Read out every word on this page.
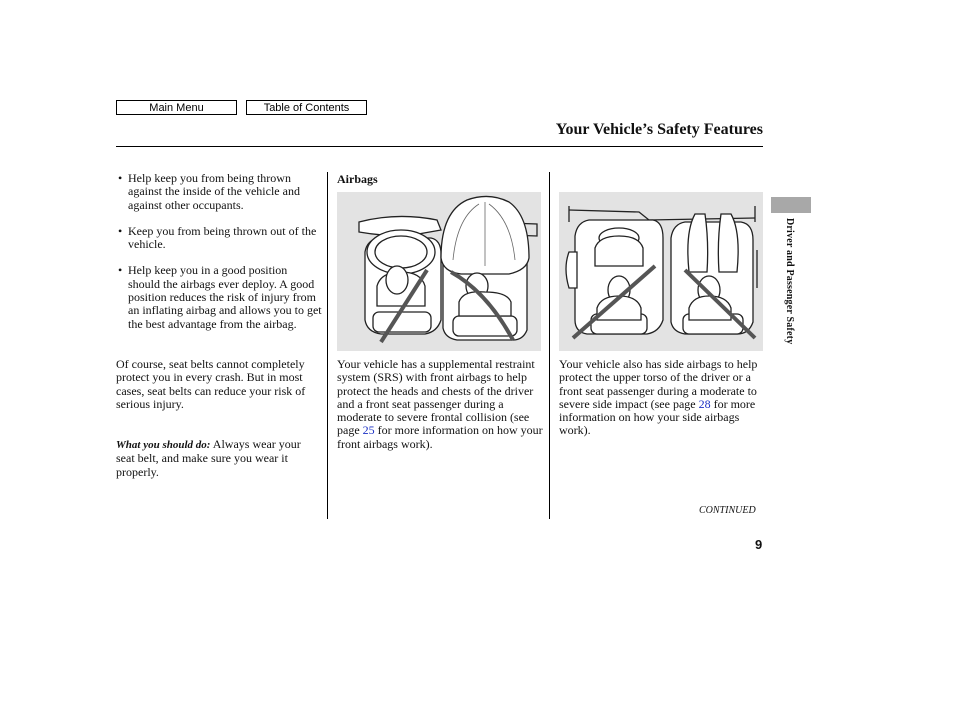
Main Menu	Table of Contents
Your Vehicle’s Safety Features
Driver and Passenger Safety
• Help keep you from being thrown against the inside of the vehicle and against other occupants.
• Keep you from being thrown out of the vehicle.
• Help keep you in a good position should the airbags ever deploy. A good position reduces the risk of injury from an inflating airbag and allows you to get the best advantage from the airbag.

Of course, seat belts cannot completely protect you in every crash. But in most cases, seat belts can reduce your risk of serious injury.

What you should do: Always wear your seat belt, and make sure you wear it properly.

Airbags

Your vehicle has a supplemental restraint system (SRS) with front airbags to help protect the heads and chests of the driver and a front seat passenger during a moderate to severe frontal collision (see page 25 for more information on how your front airbags work).

Your vehicle also has side airbags to help protect the upper torso of the driver or a front seat passenger during a moderate to severe side impact (see page 28 for more information on how your side airbags work).

CONTINUED
9
